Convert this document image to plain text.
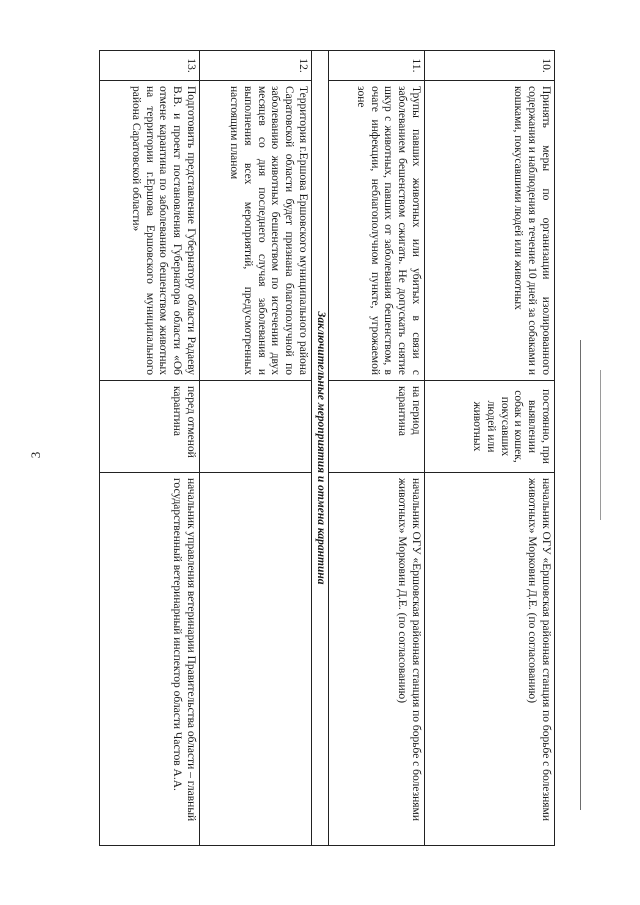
3
10.	Принять меры по организации изолированного содержания и наблюдения в течение 10 дней за собаками и кошками, покусавшими людей или животных	постоянно, при выявлении собак и кошек, покусавших людей или животных	начальник ОГУ «Ершовская районная станция по борьбе с болезнями животных» Морковин Д.Е. (по согласованию)
11.	Трупы павших животных или убитых в связи с заболеванием бешенством сжигать. Не допускать снятие шкур с животных, павших от заболевания бешенством, в очаге инфекции, неблагополучном пункте, угрожаемой зоне	на период карантина	начальник ОГУ «Ершовская районная станция по борьбе с болезнями животных» Морковин Д.Е. (по согласованию)
Заключительные мероприятия и отмена карантина			
12.	Территория г.Ершова Ершовского муниципального района Саратовской области будет признана благополучной по заболеванию животных бешенством по истечении двух месяцев со дня последнего случая заболевания и выполнения всех мероприятий, предусмотренных настоящим планом		
13.	Подготовить представление Губернатору области Радаеву В.В. и проект постановления Губернатора области «Об отмене карантина по заболеванию бешенством животных на территории г.Ершова Ершовского муниципального района Саратовской области»	перед отменой карантина	начальник управления ветеринарии Правительства области – главный государственный ветеринарный инспектор области Частов А.А.
